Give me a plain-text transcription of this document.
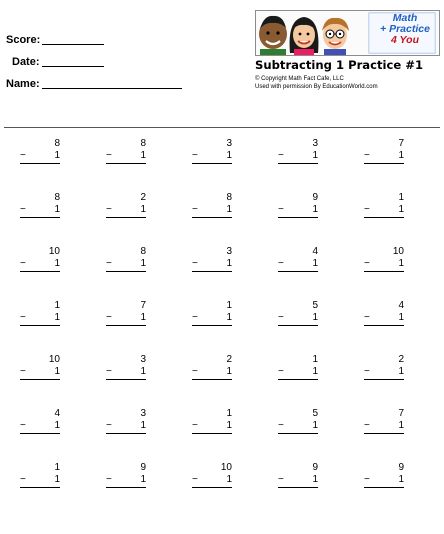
Score:
Date:
Name:
Math
+ Practice
4 You
Subtracting 1 Practice #1
© Copyright Math Fact Cafe, LLC
Used with permission By EducationWorld.com
8
−	1
8
−	1
3
−	1
3
−	1
7
−	1
8
−	1
2
−	1
8
−	1
9
−	1
1
−	1
10
−	1
8
−	1
3
−	1
4
−	1
10
−	1
1
−	1
7
−	1
1
−	1
5
−	1
4
−	1
10
−	1
3
−	1
2
−	1
1
−	1
2
−	1
4
−	1
3
−	1
1
−	1
5
−	1
7
−	1
1
−	1
9
−	1
10
−	1
9
−	1
9
−	1
